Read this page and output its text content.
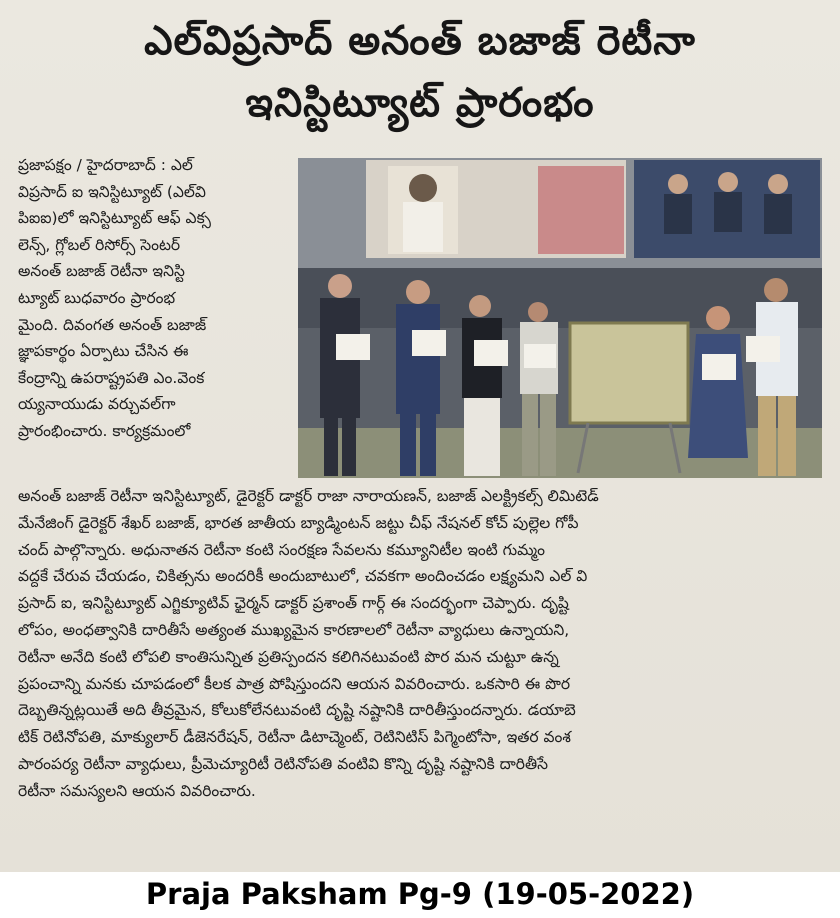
ఎల్‌విప్రసాద్ అనంత్ బజాజ్ రెటీనా
ఇనిస్టిట్యూట్ ప్రారంభం
ప్రజాపక్షం / హైదరాబాద్ : ఎల్
విప్రసాద్ ఐ ఇనిస్టిట్యూట్ (ఎల్‌వి
పిఐఐ)లో ఇనిస్టిట్యూట్ ఆఫ్ ఎక్స
లెన్స్, గ్లోబల్ రిసోర్స్ సెంటర్
అనంత్ బజాజ్ రెటీనా ఇనిస్టి
ట్యూట్ బుధవారం ప్రారంభ
మైంది. దివంగత అనంత్ బజాజ్
జ్ఞాపకార్థం ఏర్పాటు చేసిన ఈ
కేంద్రాన్ని ఉపరాష్ట్రపతి ఎం.వెంక
య్యనాయుడు వర్చువల్‌గా
ప్రారంభించారు. కార్యక్రమంలో
అనంత్ బజాజ్ రెటీనా ఇనిస్టిట్యూట్, డైరెక్టర్ డాక్టర్ రాజా నారాయణన్, బజాజ్ ఎలక్ట్రికల్స్ లిమిటెడ్
మేనేజింగ్ డైరెక్టర్ శేఖర్ బజాజ్, భారత జాతీయ బ్యాడ్మింటన్ జట్టు చీఫ్ నేషనల్ కోచ్ పుల్లెల గోపీ
చంద్ పాల్గొన్నారు. అధునాతన రెటీనా కంటి సంరక్షణ సేవలను కమ్యూనిటీల ఇంటి గుమ్మం
వద్దకే చేరువ చేయడం, చికిత్సను అందరికీ అందుబాటులో, చవకగా అందించడం లక్ష్యమని ఎల్ వి
ప్రసాద్ ఐ, ఇనిస్టిట్యూట్ ఎగ్జిక్యూటివ్ ఛైర్మన్ డాక్టర్ ప్రశాంత్ గార్గ్ ఈ సందర్భంగా చెప్పారు. దృష్టి
లోపం, అంధత్వానికి దారితీసే అత్యంత ముఖ్యమైన కారణాలలో రెటీనా వ్యాధులు ఉన్నాయని,
రెటీనా అనేది కంటి లోపలి కాంతిసున్నిత ప్రతిస్పందన కలిగినటువంటి పొర మన చుట్టూ ఉన్న
ప్రపంచాన్ని మనకు చూపడంలో కీలక పాత్ర పోషిస్తుందని ఆయన వివరించారు. ఒకసారి ఈ పొర
దెబ్బతిన్నట్లయితే అది తీవ్రమైన, కోలుకోలేనటువంటి దృష్టి నష్టానికి దారితీస్తుందన్నారు. డయాబె
టిక్ రెటినోపతి, మాక్యులార్ డీజెనరేషన్, రెటీనా డిటాచ్మెంట్, రెటినిటిస్ పిగ్మెంటోసా, ఇతర వంశ
పారంపర్య రెటీనా వ్యాధులు, ప్రీమెచ్యూరిటీ రెటినోపతి వంటివి కొన్ని దృష్టి నష్టానికి దారితీసే
రెటీనా సమస్యలని ఆయన వివరించారు.
Praja Paksham Pg-9 (19-05-2022)
